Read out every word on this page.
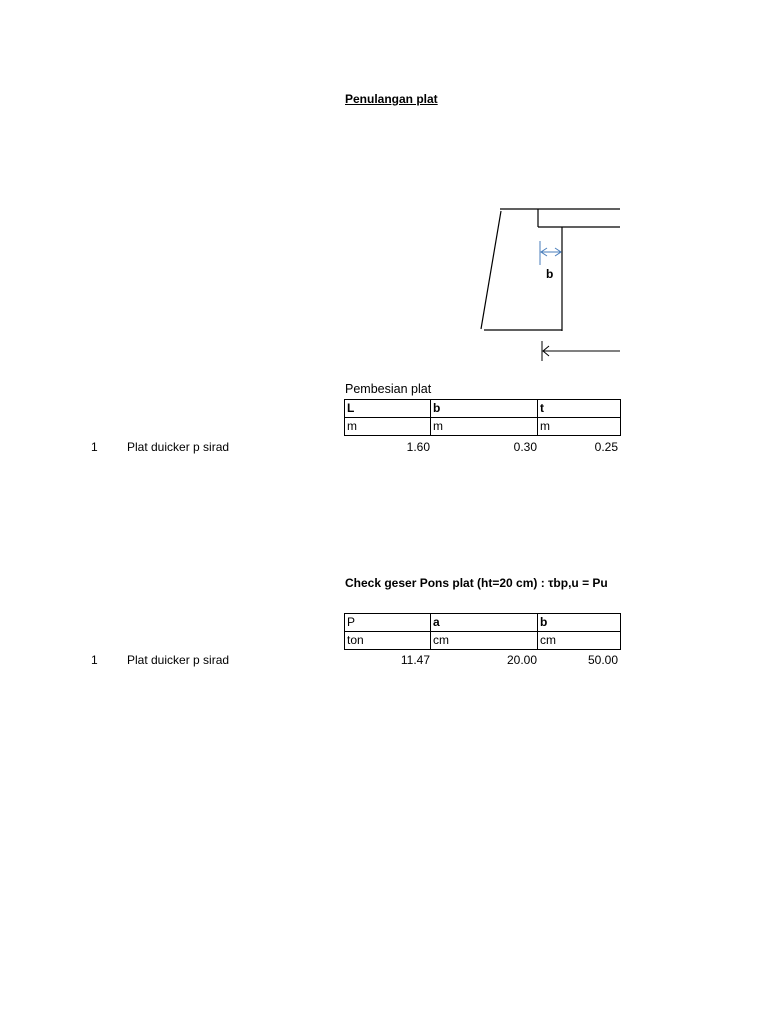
Penulangan plat
b
Pembesian plat
L	b	t
m	m	m
1 Plat duicker p sirad	1.60	0.30	0.25
Check geser Pons plat (ht=20 cm) : τbp,u = Pu
P	a	b
ton	cm	cm
1 Plat duicker p sirad	11.47	20.00	50.00
